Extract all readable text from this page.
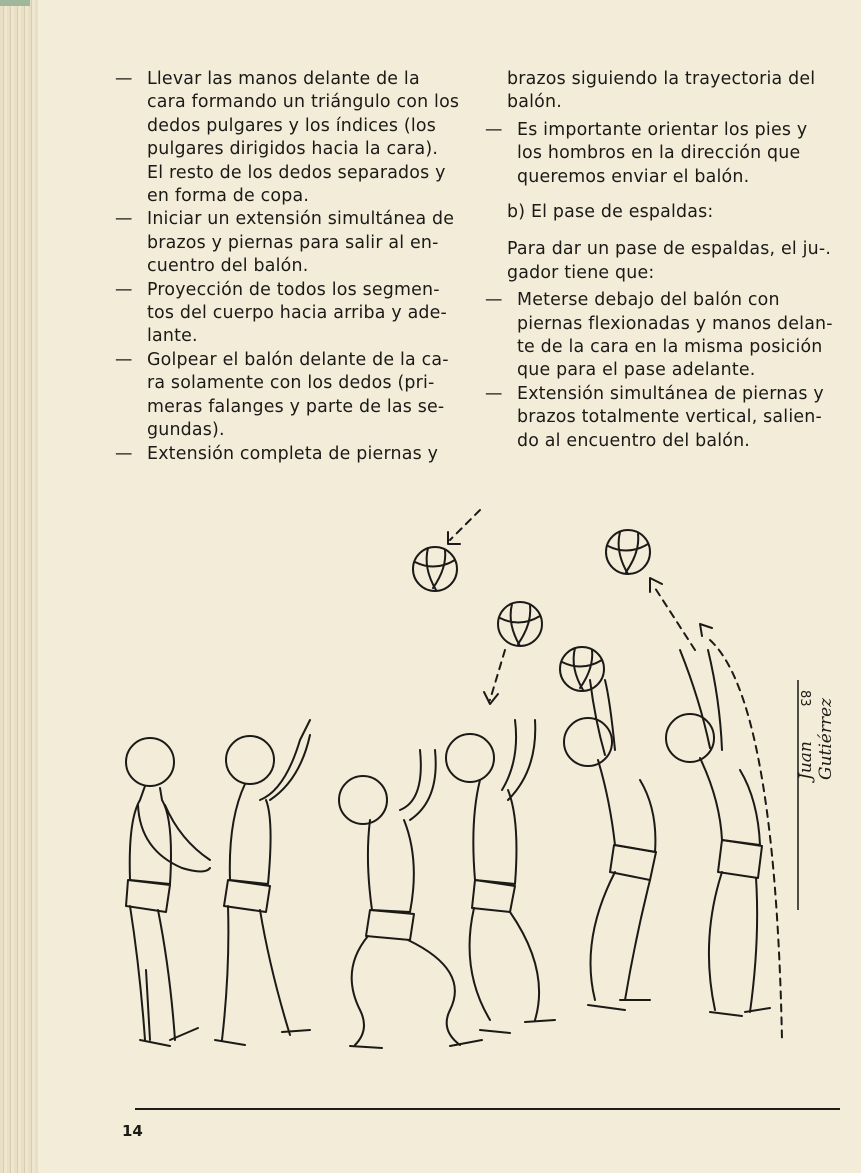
— Llevar las manos delante de la
cara formando un triángulo con los
dedos pulgares y los índices (los
pulgares dirigidos hacia la cara).
El resto de los dedos separados y
en forma de copa.
— Iniciar un extensión simultánea de
brazos y piernas para salir al en-
cuentro del balón.
— Proyección de todos los segmen-
tos del cuerpo hacia arriba y ade-
lante.
— Golpear el balón delante de la ca-
ra solamente con los dedos (pri-
meras falanges y parte de las se-
gundas).
— Extensión completa de piernas y
brazos siguiendo la trayectoria del
balón.
— Es importante orientar los pies y
los hombros en la dirección que
queremos enviar el balón.
b) El pase de espaldas:
Para dar un pase de espaldas, el ju-.
gador tiene que:
— Meterse debajo del balón con
piernas flexionadas y manos delan-
te de la cara en la misma posición
que para el pase adelante.
— Extensión simultánea de piernas y
brazos totalmente vertical, salien-
do al encuentro del balón.
83
Juan Gutiérrez
14
